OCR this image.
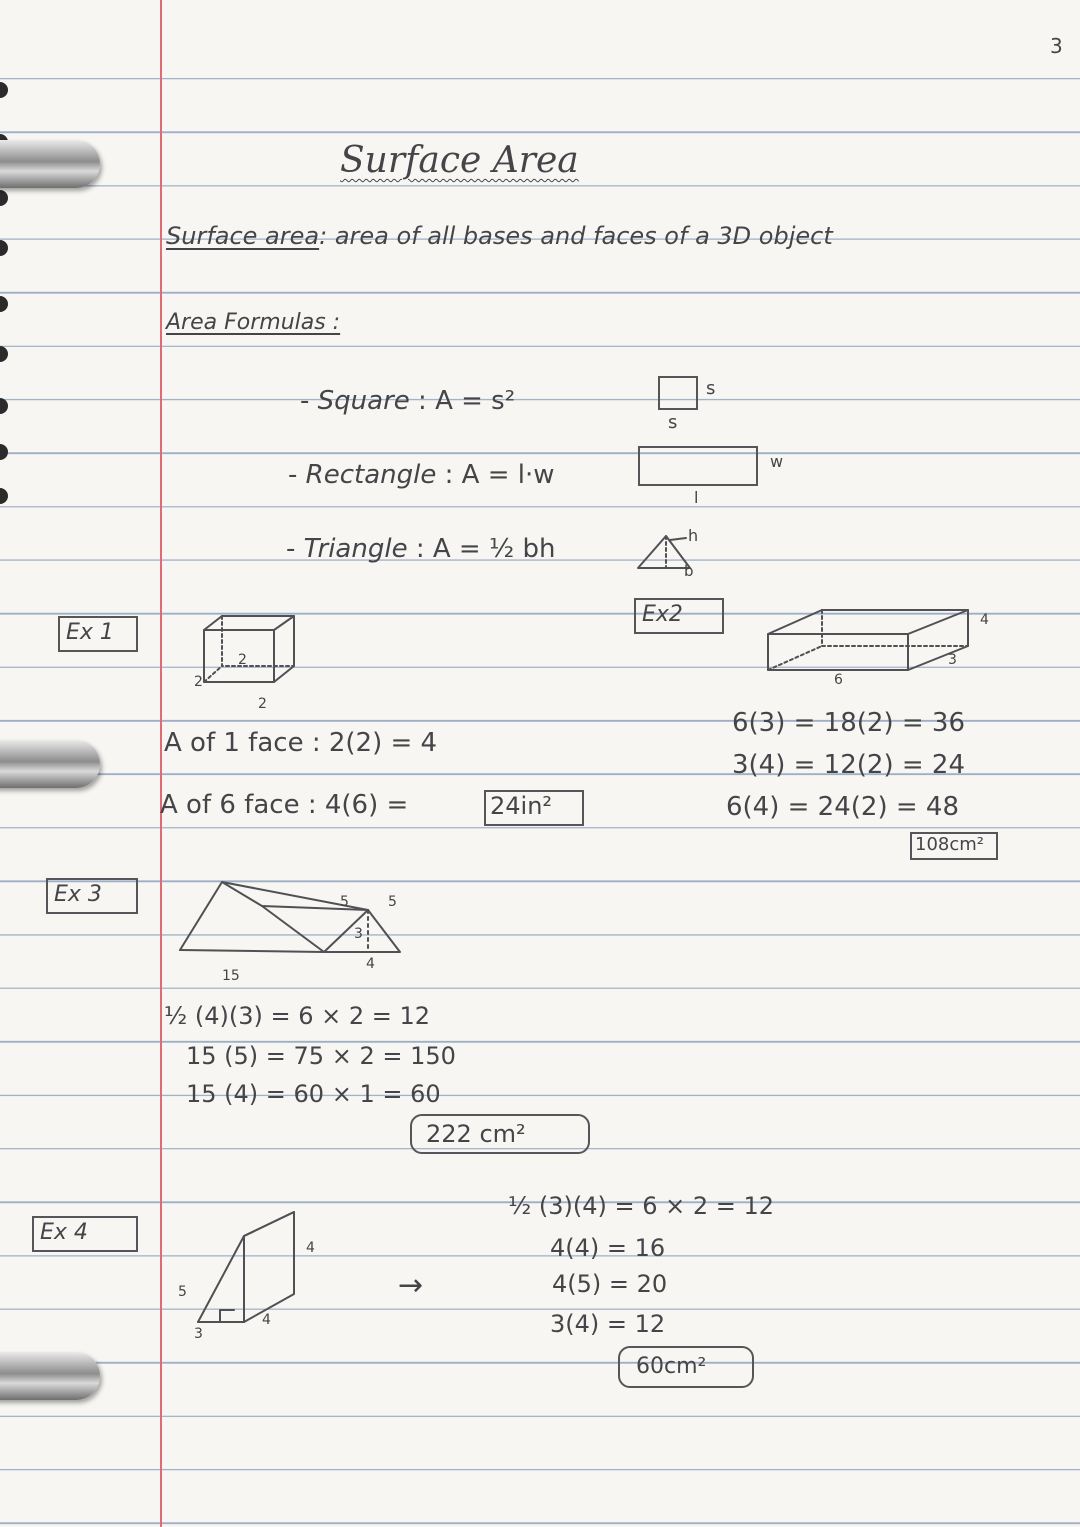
3
Surface Area
Surface area: area of all bases and faces of a 3D object
Area Formulas :
- Square : A = s²	s
s
- Rectangle : A = l·w	w
l
- Triangle : A = ½ bh	h
b
Ex 1
2
2
2
A of 1 face : 2(2) = 4
A of 6 face : 4(6) =	24in²
Ex2	4
6
3
6(3) = 18(2) = 36
3(4) = 12(2) = 24
6(4) = 24(2) = 48
108cm²
Ex 3	5	5
3
4
15
½ (4)(3) = 6 × 2 = 12
15 (5) = 75 × 2 = 150
15 (4) = 60 × 1 = 60
222 cm²
Ex 4
5
4
3
4
→
½ (3)(4) = 6 × 2 = 12
4(4) = 16
4(5) = 20
3(4) = 12
60cm²
